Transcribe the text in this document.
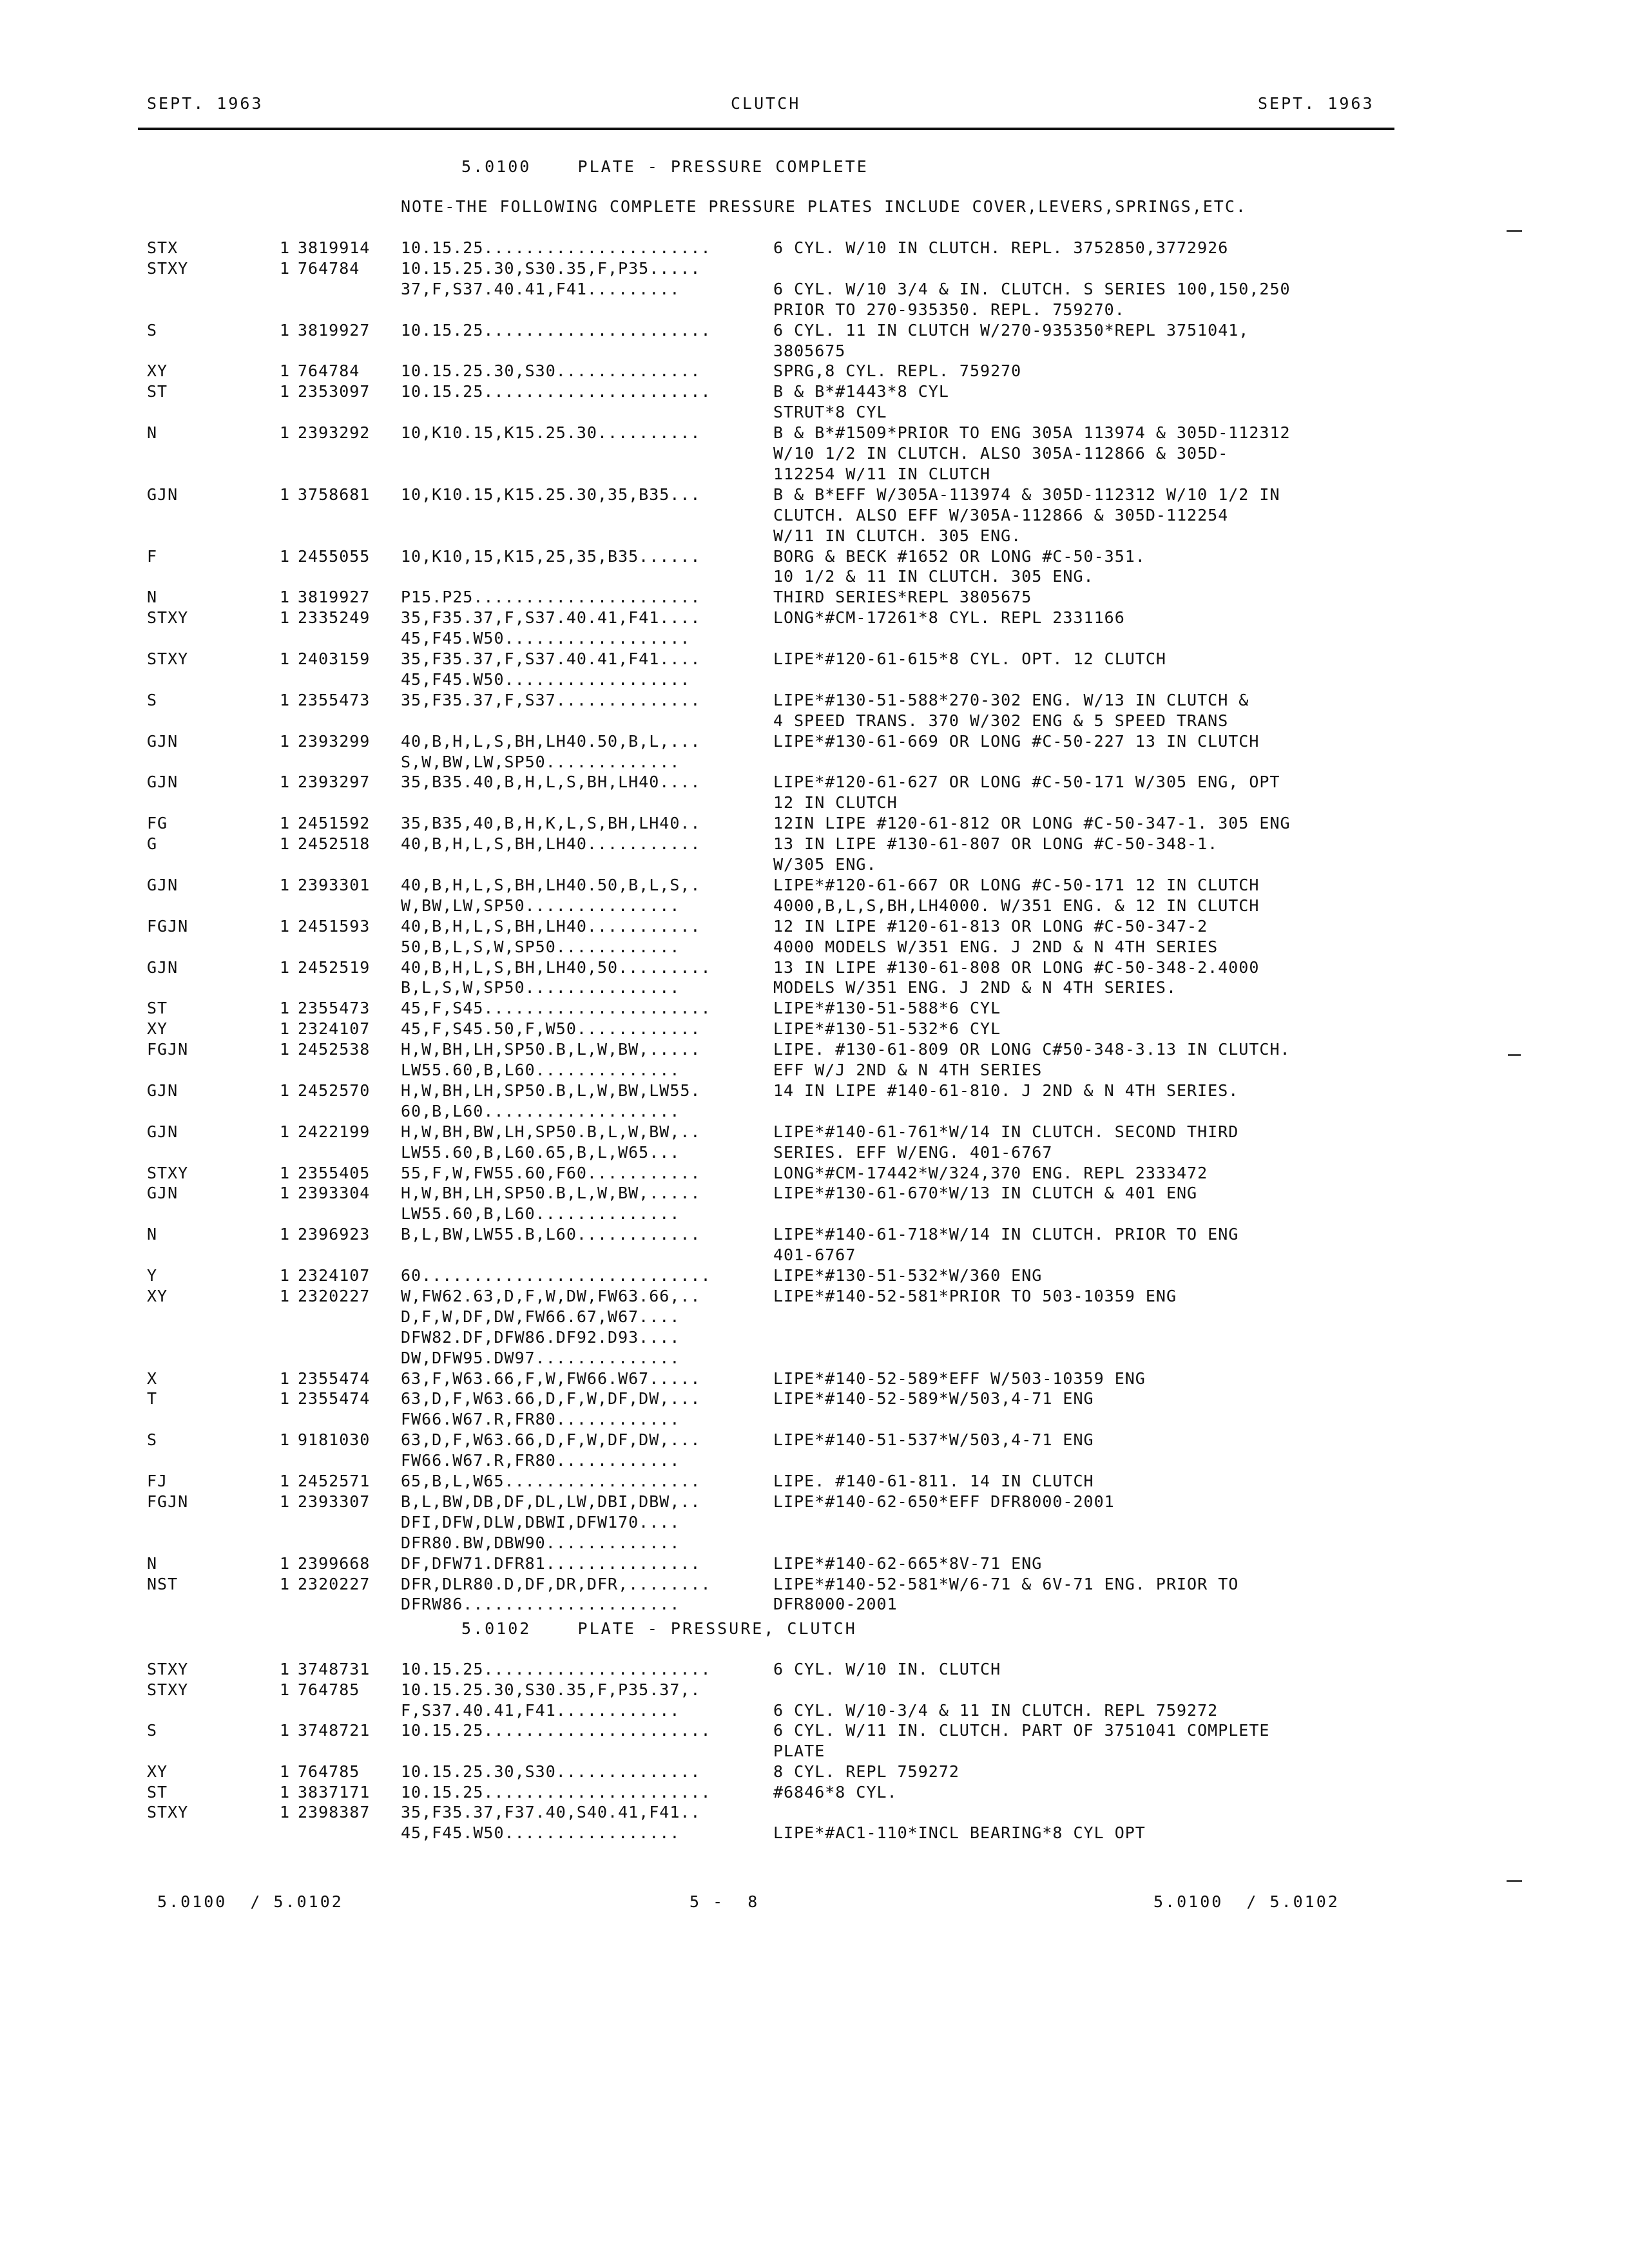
SEPT. 1963	CLUTCH	SEPT. 1963
5.0100    PLATE - PRESSURE COMPLETE
NOTE-THE FOLLOWING COMPLETE PRESSURE PLATES INCLUDE COVER,LEVERS,SPRINGS,ETC.
STX	1 3819914 10.15.25......................	6 CYL. W/10 IN CLUTCH. REPL. 3752850,3772926
STXY	1 764784	10.15.25.30,S30.35,F,P35.....
37,F,S37.40.41,F41.........	6 CYL. W/10 3/4 & IN. CLUTCH. S SERIES 100,150,250
PRIOR TO 270-935350. REPL. 759270.
S	1 3819927 10.15.25......................	6 CYL. 11 IN CLUTCH W/270-935350*REPL 3751041,
3805675
XY	1 764784	10.15.25.30,S30..............	SPRG,8 CYL. REPL. 759270
ST	1 2353097 10.15.25......................	B & B*#1443*8 CYL
STRUT*8 CYL
N	1 2393292 10,K10.15,K15.25.30..........	B & B*#1509*PRIOR TO ENG 305A 113974 & 305D-112312
W/10 1/2 IN CLUTCH. ALSO 305A-112866 & 305D-
112254 W/11 IN CLUTCH
GJN	1 3758681 10,K10.15,K15.25.30,35,B35...	B & B*EFF W/305A-113974 & 305D-112312 W/10 1/2 IN
CLUTCH. ALSO EFF W/305A-112866 & 305D-112254
W/11 IN CLUTCH. 305 ENG.
F	1 2455055 10,K10,15,K15,25,35,B35......	BORG & BECK #1652 OR LONG #C-50-351.
10 1/2 & 11 IN CLUTCH. 305 ENG.
N	1 3819927 P15.P25......................	THIRD SERIES*REPL 3805675
STXY	1 2335249 35,F35.37,F,S37.40.41,F41....	LONG*#CM-17261*8 CYL. REPL 2331166
45,F45.W50..................
STXY	1 2403159 35,F35.37,F,S37.40.41,F41....	LIPE*#120-61-615*8 CYL. OPT. 12 CLUTCH
45,F45.W50..................
S	1 2355473 35,F35.37,F,S37..............	LIPE*#130-51-588*270-302 ENG. W/13 IN CLUTCH &
4 SPEED TRANS. 370 W/302 ENG & 5 SPEED TRANS
GJN	1 2393299 40,B,H,L,S,BH,LH40.50,B,L,...	LIPE*#130-61-669 OR LONG #C-50-227 13 IN CLUTCH
S,W,BW,LW,SP50.............
GJN	1 2393297 35,B35.40,B,H,L,S,BH,LH40....	LIPE*#120-61-627 OR LONG #C-50-171 W/305 ENG, OPT
12 IN CLUTCH
FG	1 2451592 35,B35,40,B,H,K,L,S,BH,LH40..	12IN LIPE #120-61-812 OR LONG #C-50-347-1. 305 ENG
G	1 2452518 40,B,H,L,S,BH,LH40...........	13 IN LIPE #130-61-807 OR LONG #C-50-348-1.
W/305 ENG.
GJN	1 2393301 40,B,H,L,S,BH,LH40.50,B,L,S,.	LIPE*#120-61-667 OR LONG #C-50-171 12 IN CLUTCH
W,BW,LW,SP50...............	4000,B,L,S,BH,LH4000. W/351 ENG. & 12 IN CLUTCH
FGJN	1 2451593 40,B,H,L,S,BH,LH40...........	12 IN LIPE #120-61-813 OR LONG #C-50-347-2
50,B,L,S,W,SP50............	4000 MODELS W/351 ENG. J 2ND & N 4TH SERIES
GJN	1 2452519 40,B,H,L,S,BH,LH40,50.........	13 IN LIPE #130-61-808 OR LONG #C-50-348-2.4000
B,L,S,W,SP50...............	MODELS W/351 ENG. J 2ND & N 4TH SERIES.
ST	1 2355473 45,F,S45......................	LIPE*#130-51-588*6 CYL
XY	1 2324107 45,F,S45.50,F,W50............	LIPE*#130-51-532*6 CYL
FGJN	1 2452538 H,W,BH,LH,SP50.B,L,W,BW,.....	LIPE. #130-61-809 OR LONG C#50-348-3.13 IN CLUTCH.
LW55.60,B,L60..............	EFF W/J 2ND & N 4TH SERIES
GJN	1 2452570 H,W,BH,LH,SP50.B,L,W,BW,LW55.	14 IN LIPE #140-61-810. J 2ND & N 4TH SERIES.
60,B,L60...................
GJN	1 2422199 H,W,BH,BW,LH,SP50.B,L,W,BW,..	LIPE*#140-61-761*W/14 IN CLUTCH. SECOND THIRD
LW55.60,B,L60.65,B,L,W65...	SERIES. EFF W/ENG. 401-6767
STXY	1 2355405 55,F,W,FW55.60,F60...........	LONG*#CM-17442*W/324,370 ENG. REPL 2333472
GJN	1 2393304 H,W,BH,LH,SP50.B,L,W,BW,.....	LIPE*#130-61-670*W/13 IN CLUTCH & 401 ENG
LW55.60,B,L60..............
N	1 2396923 B,L,BW,LW55.B,L60............	LIPE*#140-61-718*W/14 IN CLUTCH. PRIOR TO ENG
401-6767
Y	1 2324107 60............................	LIPE*#130-51-532*W/360 ENG
XY	1 2320227 W,FW62.63,D,F,W,DW,FW63.66,..	LIPE*#140-52-581*PRIOR TO 503-10359 ENG
D,F,W,DF,DW,FW66.67,W67....
DFW82.DF,DFW86.DF92.D93....
DW,DFW95.DW97..............
X	1 2355474 63,F,W63.66,F,W,FW66.W67.....	LIPE*#140-52-589*EFF W/503-10359 ENG
T	1 2355474 63,D,F,W63.66,D,F,W,DF,DW,...	LIPE*#140-52-589*W/503,4-71 ENG
FW66.W67.R,FR80............
S	1 9181030 63,D,F,W63.66,D,F,W,DF,DW,...	LIPE*#140-51-537*W/503,4-71 ENG
FW66.W67.R,FR80............
FJ	1 2452571 65,B,L,W65...................	LIPE. #140-61-811. 14 IN CLUTCH
FGJN	1 2393307 B,L,BW,DB,DF,DL,LW,DBI,DBW,..	LIPE*#140-62-650*EFF DFR8000-2001
DFI,DFW,DLW,DBWI,DFW170....
DFR80.BW,DBW90.............
N	1 2399668 DF,DFW71.DFR81...............	LIPE*#140-62-665*8V-71 ENG
NST	1 2320227 DFR,DLR80.D,DF,DR,DFR,........	LIPE*#140-52-581*W/6-71 & 6V-71 ENG. PRIOR TO
DFRW86.....................	DFR8000-2001
5.0102    PLATE - PRESSURE, CLUTCH
STXY	1 3748731 10.15.25......................	6 CYL. W/10 IN. CLUTCH
STXY	1 764785	10.15.25.30,S30.35,F,P35.37,.
F,S37.40.41,F41............	6 CYL. W/10-3/4 & 11 IN CLUTCH. REPL 759272
S	1 3748721 10.15.25......................	6 CYL. W/11 IN. CLUTCH. PART OF 3751041 COMPLETE
PLATE
XY	1 764785	10.15.25.30,S30..............	8 CYL. REPL 759272
ST	1 3837171 10.15.25......................	#6846*8 CYL.
STXY	1 2398387 35,F35.37,F37.40,S40.41,F41..
45,F45.W50.................	LIPE*#AC1-110*INCL BEARING*8 CYL OPT
5.0100  / 5.0102	5 -  8	5.0100  / 5.0102
